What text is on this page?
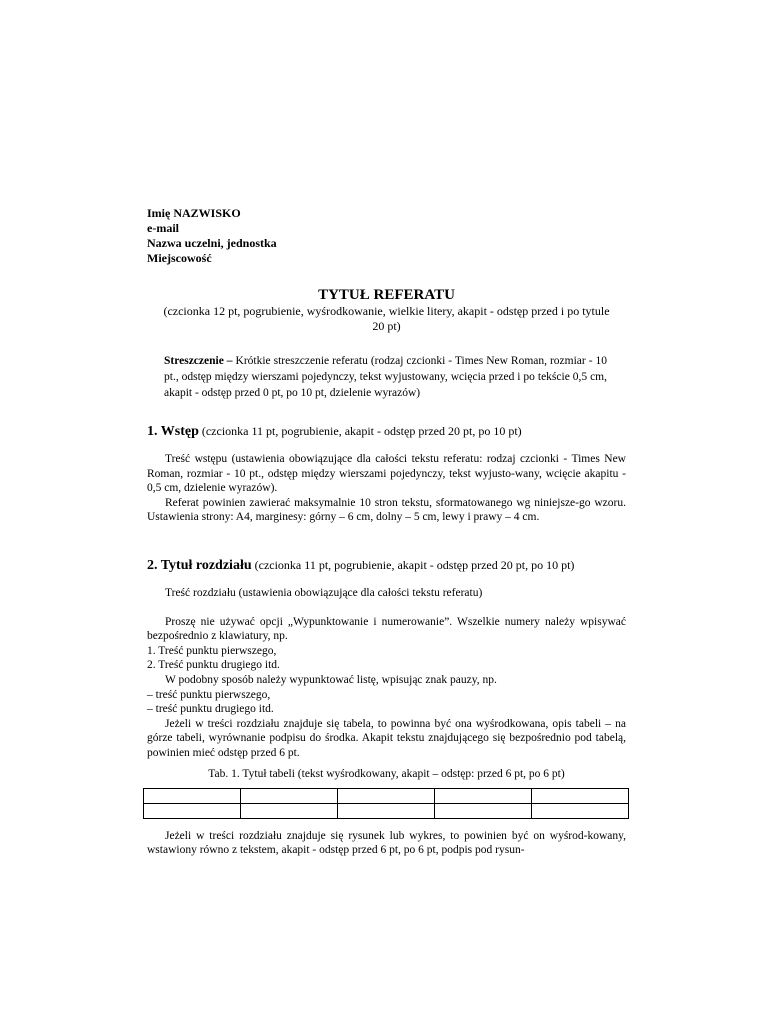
Imię NAZWISKO
e-mail
Nazwa uczelni, jednostka
Miejscowość
TYTUŁ REFERATU
(czcionka 12 pt, pogrubienie, wyśrodkowanie, wielkie litery, akapit - odstęp przed i po tytule 20 pt)
Streszczenie – Krótkie streszczenie referatu (rodzaj czcionki - Times New Roman, rozmiar - 10 pt., odstęp między wierszami pojedynczy, tekst wyjustowany, wcięcia przed i po tekście 0,5 cm, akapit - odstęp przed 0 pt, po 10 pt, dzielenie wyrazów)
1. Wstęp (czcionka 11 pt, pogrubienie, akapit - odstęp przed 20 pt, po 10 pt)
Treść wstępu (ustawienia obowiązujące dla całości tekstu referatu: rodzaj czcionki - Times New Roman, rozmiar - 10 pt., odstęp między wierszami pojedynczy, tekst wyjusto-wany, wcięcie akapitu - 0,5 cm, dzielenie wyrazów).
Referat powinien zawierać maksymalnie 10 stron tekstu, sformatowanego wg niniejsze-go wzoru. Ustawienia strony: A4, marginesy: górny – 6 cm, dolny – 5 cm, lewy i prawy – 4 cm.
2. Tytuł rozdziału (czcionka 11 pt, pogrubienie, akapit - odstęp przed 20 pt, po 10 pt)
Treść rozdziału (ustawienia obowiązujące dla całości tekstu referatu)
Proszę nie używać opcji „Wypunktowanie i numerowanie”. Wszelkie numery należy wpisywać bezpośrednio z klawiatury, np.
1. Treść punktu pierwszego,
2. Treść punktu drugiego itd.
W podobny sposób należy wypunktować listę, wpisując znak pauzy, np.
– treść punktu pierwszego,
– treść punktu drugiego itd.
Jeżeli w treści rozdziału znajduje się tabela, to powinna być ona wyśrodkowana, opis tabeli – na górze tabeli, wyrównanie podpisu do środka. Akapit tekstu znajdującego się bezpośrednio pod tabelą, powinien mieć odstęp przed 6 pt.
Tab. 1. Tytuł tabeli (tekst wyśrodkowany, akapit – odstęp: przed 6 pt, po 6 pt)

Jeżeli w treści rozdziału znajduje się rysunek lub wykres, to powinien być on wyśrod-kowany, wstawiony równo z tekstem, akapit - odstęp przed 6 pt, po 6 pt, podpis pod rysun-
